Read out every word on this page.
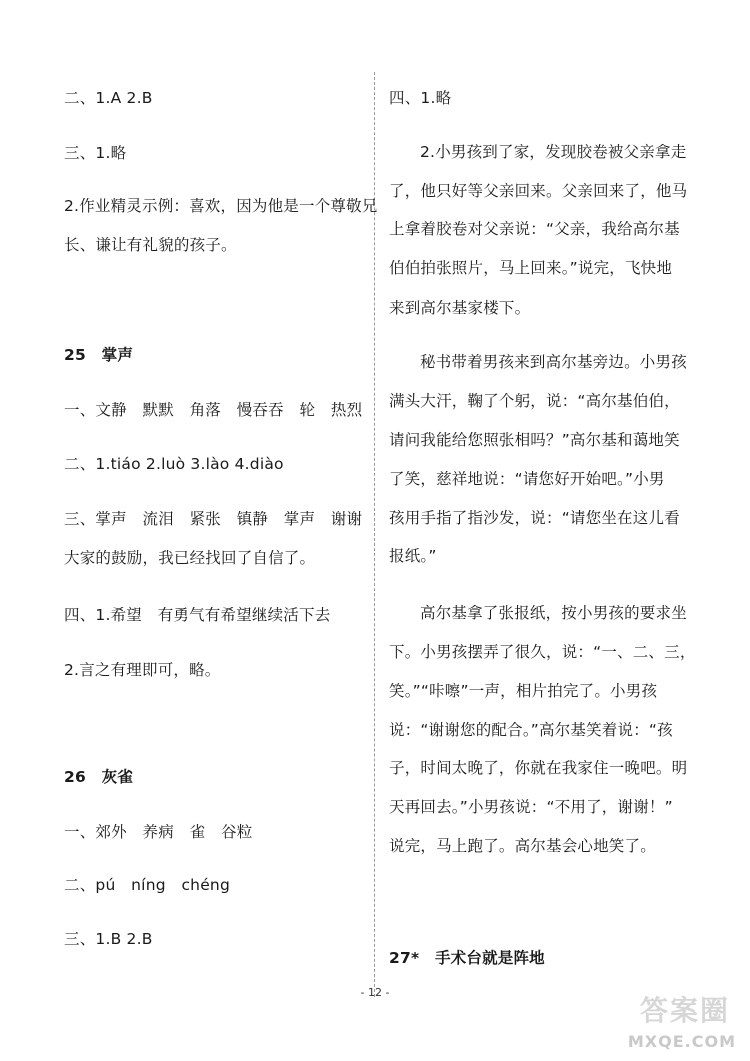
二、1.A 2.B
三、1.略
2.作业精灵示例：喜欢，因为他是一个尊敬兄
长、谦让有礼貌的孩子。
25　掌声
一、文静　默默　角落　慢吞吞　轮　热烈
二、1.tiáo 2.luò 3.lào 4.diào
三、掌声　流泪　紧张　镇静　掌声　谢谢
大家的鼓励，我已经找回了自信了。
四、1.希望　有勇气有希望继续活下去
2.言之有理即可，略。
26　灰雀
一、郊外　养病　雀　谷粒
二、pú　níng　chéng
三、1.B 2.B
四、1.略
2.小男孩到了家，发现胶卷被父亲拿走
了，他只好等父亲回来。父亲回来了，他马
上拿着胶卷对父亲说：“父亲，我给高尔基
伯伯拍张照片，马上回来。”说完，飞快地
来到高尔基家楼下。
秘书带着男孩来到高尔基旁边。小男孩
满头大汗，鞠了个躬，说：“高尔基伯伯，
请问我能给您照张相吗？”高尔基和蔼地笑
了笑，慈祥地说：“请您好开始吧。”小男
孩用手指了指沙发，说：“请您坐在这儿看
报纸。”
高尔基拿了张报纸，按小男孩的要求坐
下。小男孩摆弄了很久，说：“一、二、三，
笑。”“咔嚓”一声，相片拍完了。小男孩
说：“谢谢您的配合。”高尔基笑着说：“孩
子，时间太晚了，你就在我家住一晚吧。明
天再回去。”小男孩说：“不用了，谢谢！”
说完，马上跑了。高尔基会心地笑了。
27*　手术台就是阵地
- 12 -
答案圈
MXQE.COM
